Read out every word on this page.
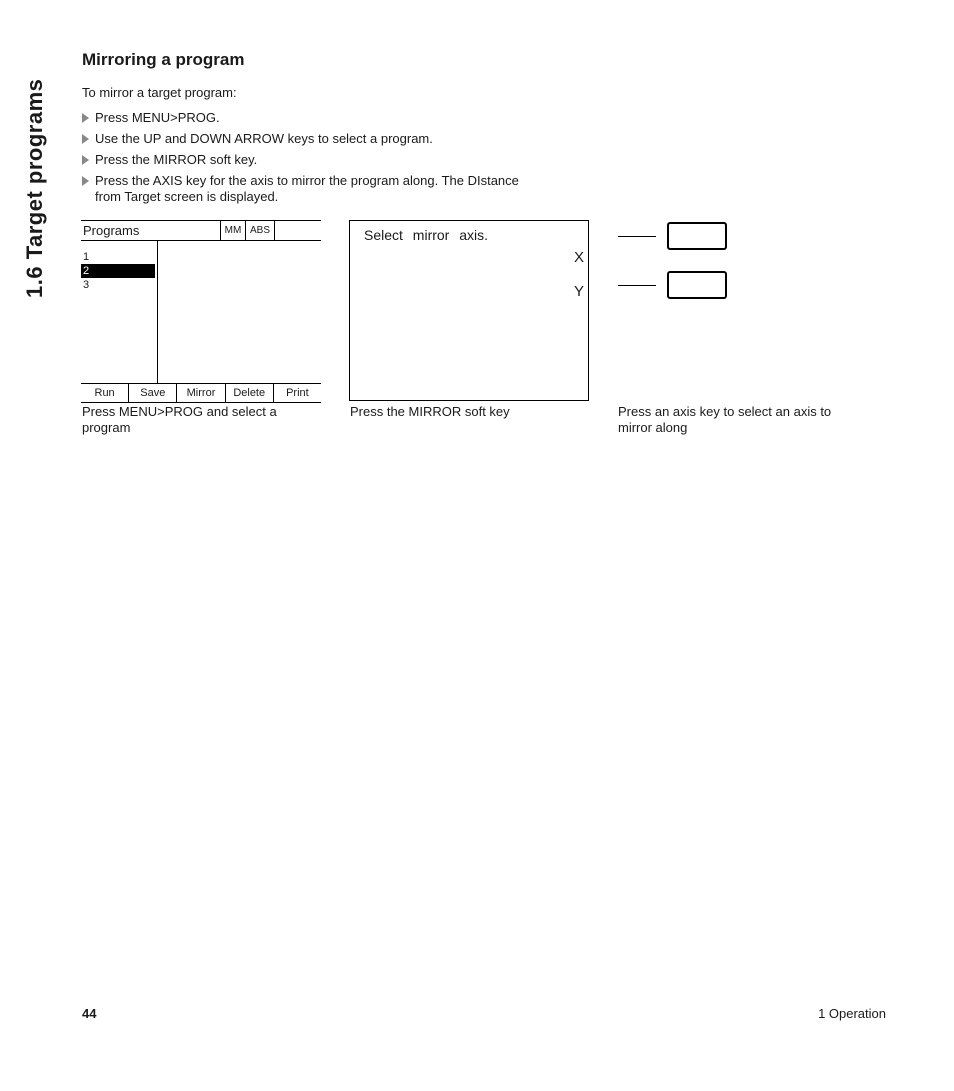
1.6 Target programs
Mirroring a program
To mirror a target program:
Press MENU>PROG.
Use the UP and DOWN ARROW keys to select a program.
Press the MIRROR soft key.
Press the AXIS key for the axis to mirror the program along. The DIstance from Target screen is displayed.
Programs	MM ABS
1
2
3
Run	Save	Mirror	Delete	Print
Select mirror axis.
X
Y
Press MENU>PROG and select a program
Press the MIRROR soft key	Press an axis key to select an axis to mirror along
44	1 Operation
